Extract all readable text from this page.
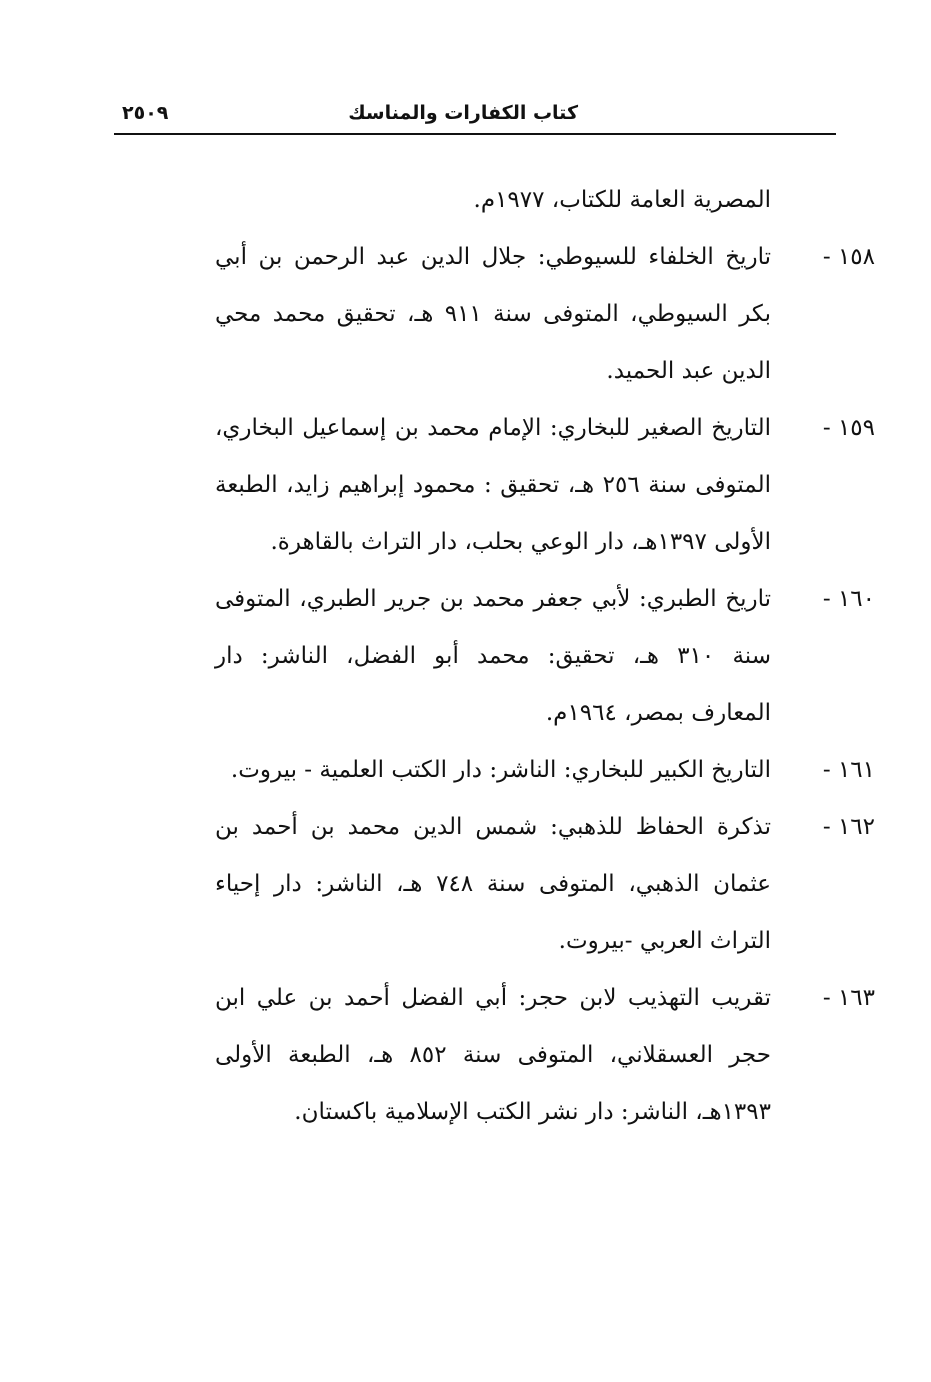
كتاب الكفارات والمناسك
٢٥٠٩

المصرية العامة للكتاب، ١٩٧٧م.

١٥٨ -

تاريخ الخلفاء للسيوطي: جلال الدين عبد الرحمن بن أبي بكر السيوطي، المتوفى سنة ٩١١ هـ، تحقيق محمد محي الدين عبد الحميد.

١٥٩ -

التاريخ الصغير للبخاري: الإمام محمد بن إسماعيل البخاري، المتوفى سنة ٢٥٦ هـ، تحقيق : محمود إبراهيم زايد، الطبعة الأولى ١٣٩٧هـ، دار الوعي بحلب، دار التراث بالقاهرة.

١٦٠ -

تاريخ الطبري: لأبي جعفر محمد بن جرير الطبري، المتوفى سنة ٣١٠ هـ، تحقيق: محمد أبو الفضل، الناشر: دار المعارف بمصر، ١٩٦٤م.

١٦١ -

التاريخ الكبير للبخاري: الناشر: دار الكتب العلمية - بيروت.

١٦٢ -

تذكرة الحفاظ للذهبي: شمس الدين محمد بن أحمد بن عثمان الذهبي، المتوفى سنة ٧٤٨ هـ، الناشر: دار إحياء التراث العربي -بيروت.

١٦٣ -

تقريب التهذيب لابن حجر: أبي الفضل أحمد بن علي ابن حجر العسقلاني، المتوفى سنة ٨٥٢ هـ، الطبعة الأولى ١٣٩٣هـ، الناشر: دار نشر الكتب الإسلامية باكستان.
